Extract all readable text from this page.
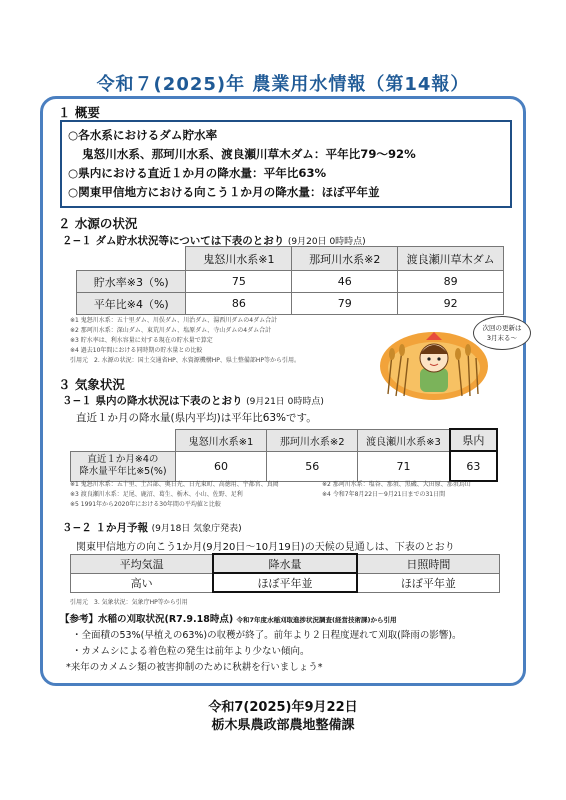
令和７(2025)年 農業用水情報（第14報）
１ 概要
○各水系におけるダム貯水率
鬼怒川水系、那珂川水系、渡良瀬川草木ダム：平年比79～92%
○県内における直近１か月の降水量：平年比63%
○関東甲信地方における向こう１か月の降水量：ほぼ平年並
２ 水源の状況
２−１ ダム貯水状況等については下表のとおり (9月20日 0時時点)
	鬼怒川水系※1	那珂川水系※2	渡良瀬川草木ダム
貯水率※3（%)	75	46	89
平年比※4（%)	86	79	92
※1 鬼怒川水系：五十里ダム、川俣ダム、川治ダム、湯西川ダムの4ダム合計
※2 那珂川水系：深山ダム、東荒川ダム、塩原ダム、寺山ダムの4ダム合計
※3 貯水率は、利水容量に対する現在の貯水量で算定
※4 過去10年間における同時期の貯水量との比較
引用元　2. 水源の状況：国土交通省HP、水資源機構HP、県土整備部HP等から引用。
次回の更新は
3月末る〜
３ 気象状況
３−１ 県内の降水状況は下表のとおり (9月21日 0時時点)
直近１か月の降水量(県内平均)は平年比63%です。
	鬼怒川水系※1	那珂川水系※2	渡良瀬川水系※3	県内

直近１か月※4の
降水量平年比※5(%)	60	56	71	63
※1 鬼怒川水系：五十里、土呂部、奥日光、日光東町、高徳用、宇都宮、真岡
※3 渡良瀬川水系：足尾、鹿沼、葛生、栃木、小山、佐野、足利
※5 1991年から2020年における30年間の平均値と比較
※2 那珂川水系：塩谷、那須、黒磯、大田原、那須烏山
※4 令和7年8月22日～9月21日までの31日間
３−２ １か月予報 (9月18日 気象庁発表)
関東甲信地方の向こう1か月(9月20日～10月19日)の天候の見通しは、下表のとおり
平均気温	降水量	日照時間
高い	ほぼ平年並	ほぼ平年並
引用元　3. 気象状況：気象庁HP等から引用
【参考】水稲の刈取状況(R7.9.18時点) 令和7年度水稲刈取進捗状況調査(経営技術課)から引用
・全面積の53%(早植えの63%)の収穫が終了。前年より２日程度遅れて刈取(降雨の影響)。
・カメムシによる着色粒の発生は前年より少ない傾向。
*来年のカメムシ類の被害抑制のために秋耕を行いましょう*
令和7(2025)年9月22日
栃木県農政部農地整備課
